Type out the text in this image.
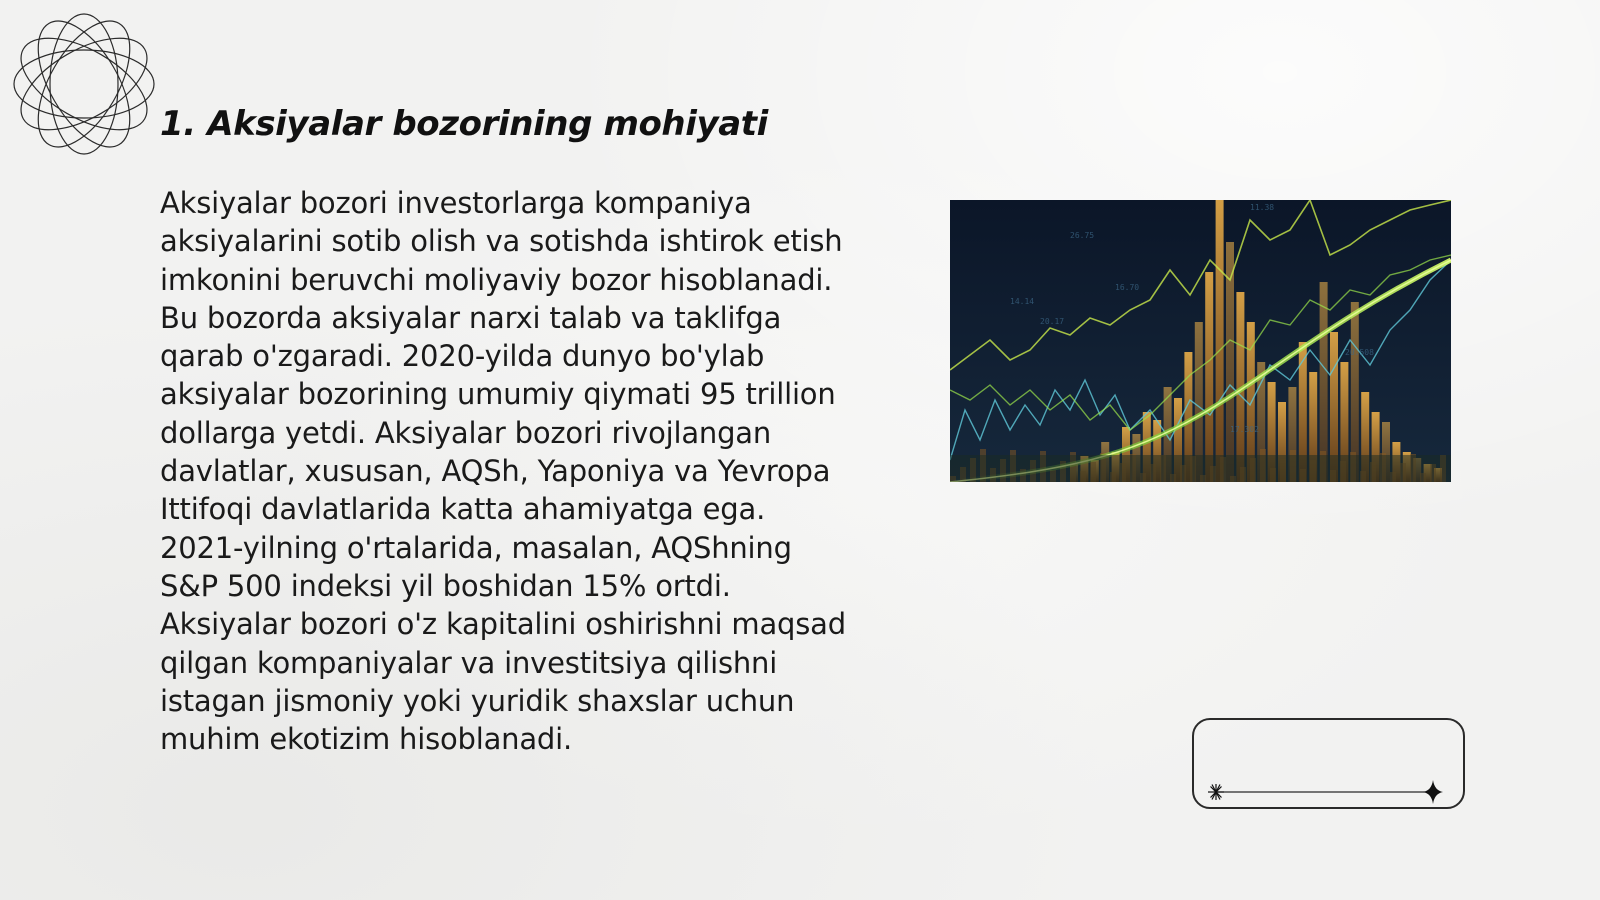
1. Aksiyalar bozorining mohiyati

Aksiyalar bozori investorlarga kompaniya aksiyalarini sotib olish va sotishda ishtirok etish imkonini beruvchi moliyaviy bozor hisoblanadi. Bu bozorda aksiyalar narxi talab va taklifga qarab o'zgaradi. 2020-yilda dunyo bo'ylab aksiyalar bozorining umumiy qiymati 95 trillion dollarga yetdi. Aksiyalar bozori rivojlangan davlatlar, xususan, AQSh, Yaponiya va Yevropa Ittifoqi davlatlarida katta ahamiyatga ega. 2021-yilning o'rtalarida, masalan, AQShning S&P 500 indeksi yil boshidan 15% ortdi. Aksiyalar bozori o'z kapitalini oshirishni maqsad qilgan kompaniyalar va investitsiya qilishni istagan jismoniy yoki yuridik shaxslar uchun muhim ekotizim hisoblanadi.

26.75
20.17
11.38
20.508
17.302
14.14
16.70
